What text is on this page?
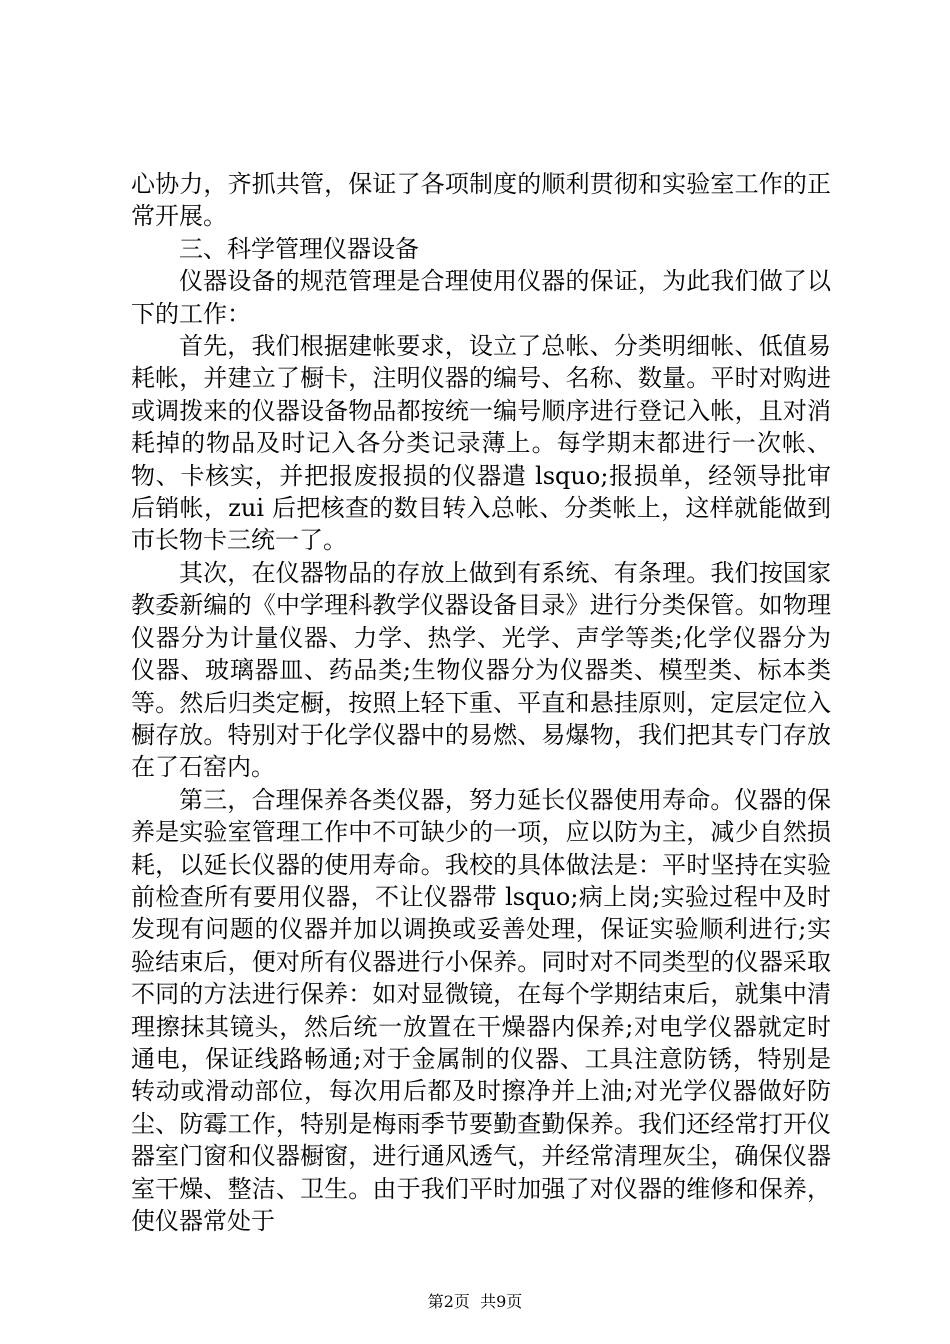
心协力，齐抓共管，保证了各项制度的顺利贯彻和实验室工作的正常开展。

三、科学管理仪器设备

仪器设备的规范管理是合理使用仪器的保证，为此我们做了以下的工作：

首先，我们根据建帐要求，设立了总帐、分类明细帐、低值易耗帐，并建立了橱卡，注明仪器的编号、名称、数量。平时对购进或调拨来的仪器设备物品都按统一编号顺序进行登记入帐，且对消耗掉的物品及时记入各分类记录薄上。每学期末都进行一次帐、物、卡核实，并把报废报损的仪器遣 lsquo;报损单，经领导批审后销帐，zui 后把核查的数目转入总帐、分类帐上，这样就能做到巿长物卡三统一了。

其次，在仪器物品的存放上做到有系统、有条理。我们按国家教委新编的《中学理科教学仪器设备目录》进行分类保管。如物理仪器分为计量仪器、力学、热学、光学、声学等类;化学仪器分为仪器、玻璃器皿、药品类;生物仪器分为仪器类、模型类、标本类等。然后归类定橱，按照上轻下重、平直和悬挂原则，定层定位入橱存放。特别对于化学仪器中的易燃、易爆物，我们把其专门存放在了石窑内。

第三，合理保养各类仪器，努力延长仪器使用寿命。仪器的保养是实验室管理工作中不可缺少的一项，应以防为主，减少自然损耗，以延长仪器的使用寿命。我校的具体做法是：平时坚持在实验前检查所有要用仪器，不让仪器带 lsquo;病上岗;实验过程中及时发现有问题的仪器并加以调换或妥善处理，保证实验顺利进行;实验结束后，便对所有仪器进行小保养。同时对不同类型的仪器采取不同的方法进行保养：如对显微镜，在每个学期结束后，就集中清理擦抹其镜头，然后统一放置在干燥器内保养;对电学仪器就定时通电，保证线路畅通;对于金属制的仪器、工具注意防锈，特别是转动或滑动部位，每次用后都及时擦净并上油;对光学仪器做好防尘、防霉工作，特别是梅雨季节要勤查勤保养。我们还经常打开仪器室门窗和仪器橱窗，进行通风透气，并经常清理灰尘，确保仪器室干燥、整洁、卫生。由于我们平时加强了对仪器的维修和保养，使仪器常处于

第2页  共9页
